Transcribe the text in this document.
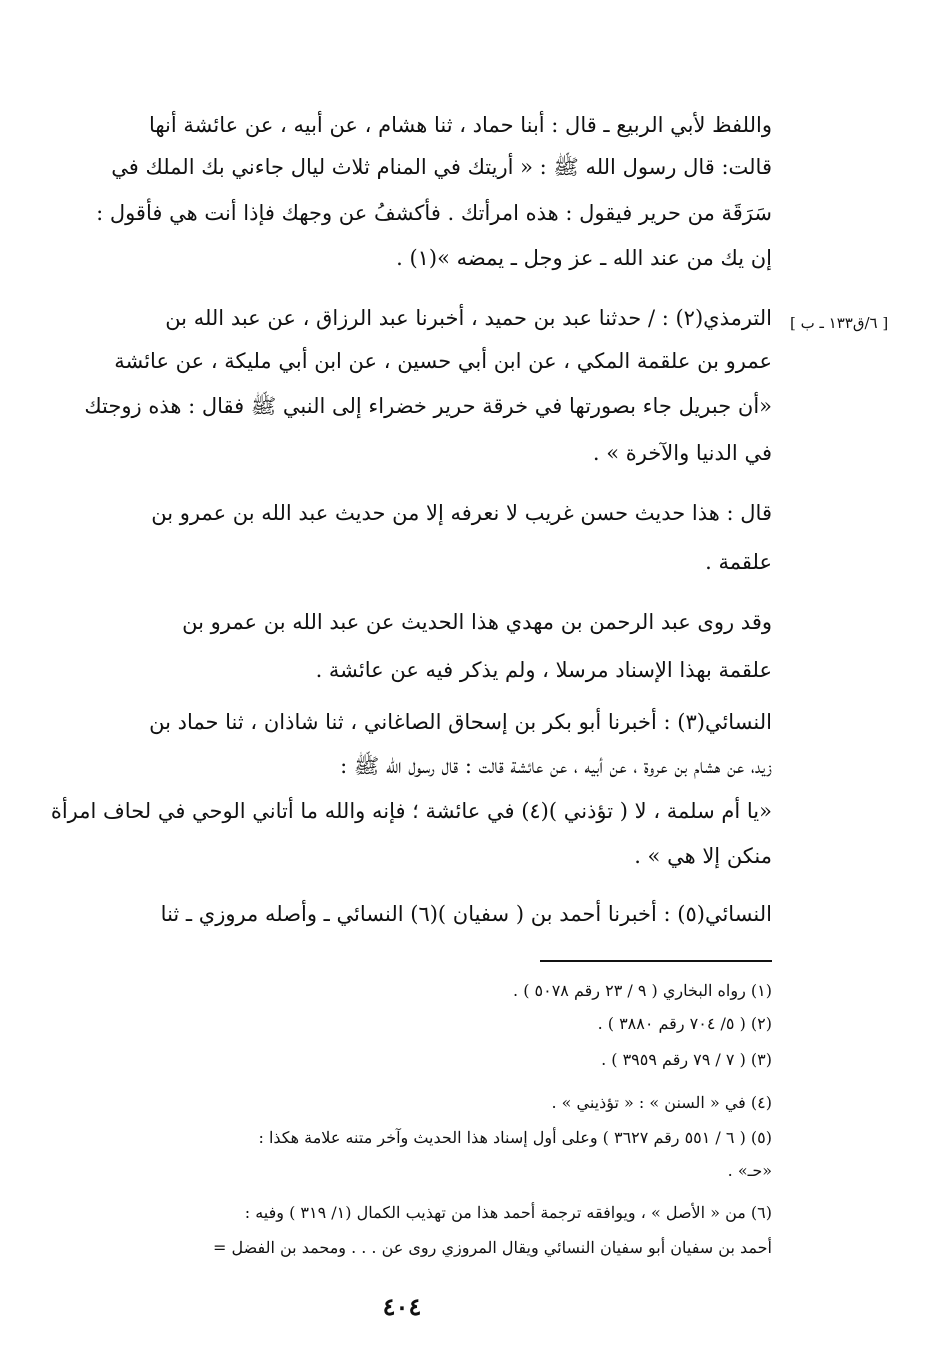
[ ٦/ق١٣٣ ـ ب ]
واللفظ لأبي الربيع ـ قال : أبنا حماد ، ثنا هشام ، عن أبيه ، عن عائشة أنها
قالت: قال رسول الله ﷺ : « أريتك في المنام ثلاث ليال جاءني بك الملك في
سَرَقَة من حرير فيقول : هذه امرأتك . فأكشفُ عن وجهك فإذا أنت هي فأقول :
إن يك من عند الله ـ عز وجل ـ يمضه »(١) .
الترمذي(٢) : / حدثنا عبد بن حميد ، أخبرنا عبد الرزاق ، عن عبد الله بن
عمرو بن علقمة المكي ، عن ابن أبي حسين ، عن ابن أبي مليكة ، عن عائشة
«أن جبريل جاء بصورتها في خرقة حرير خضراء إلى النبي ﷺ فقال : هذه زوجتك
في الدنيا والآخرة » .
قال : هذا حديث حسن غريب لا نعرفه إلا من حديث عبد الله بن عمرو بن
علقمة .
وقد روى عبد الرحمن بن مهدي هذا الحديث عن عبد الله بن عمرو بن
علقمة بهذا الإسناد مرسلا ، ولم يذكر فيه عن عائشة .
النسائي(٣) : أخبرنا أبو بكر بن إسحاق الصاغاني ، ثنا شاذان ، ثنا حماد بن
زيد، عن هشام بن عروة ، عن أبيه ، عن عائشة قالت : قال رسول الله ﷺ :
«يا أم سلمة ، لا ( تؤذني )(٤) في عائشة ؛ فإنه والله ما أتاني الوحي في لحاف امرأة
منكن إلا هي » .
النسائي(٥) : أخبرنا أحمد بن ( سفيان )(٦) النسائي ـ وأصله مروزي ـ ثنا
(١) رواه البخاري ( ٩ / ٢٣ رقم ٥٠٧٨ ) .
(٢) ( ٥/ ٧٠٤ رقم ٣٨٨٠ ) .
(٣) ( ٧ / ٧٩ رقم ٣٩٥٩ ) .
(٤) في « السنن » : « تؤذيني » .
(٥) ( ٦ / ٥٥١ رقم ٣٦٢٧ ) وعلى أول إسناد هذا الحديث وآخر متنه علامة هكذا :
«حـ» .
(٦) من « الأصل » ، ويوافقه ترجمة أحمد هذا من تهذيب الكمال (١/ ٣١٩ ) وفيه :
أحمد بن سفيان أبو سفيان النسائي ويقال المروزي روى عن . . . ومحمد بن الفضل =
٤٠٤
